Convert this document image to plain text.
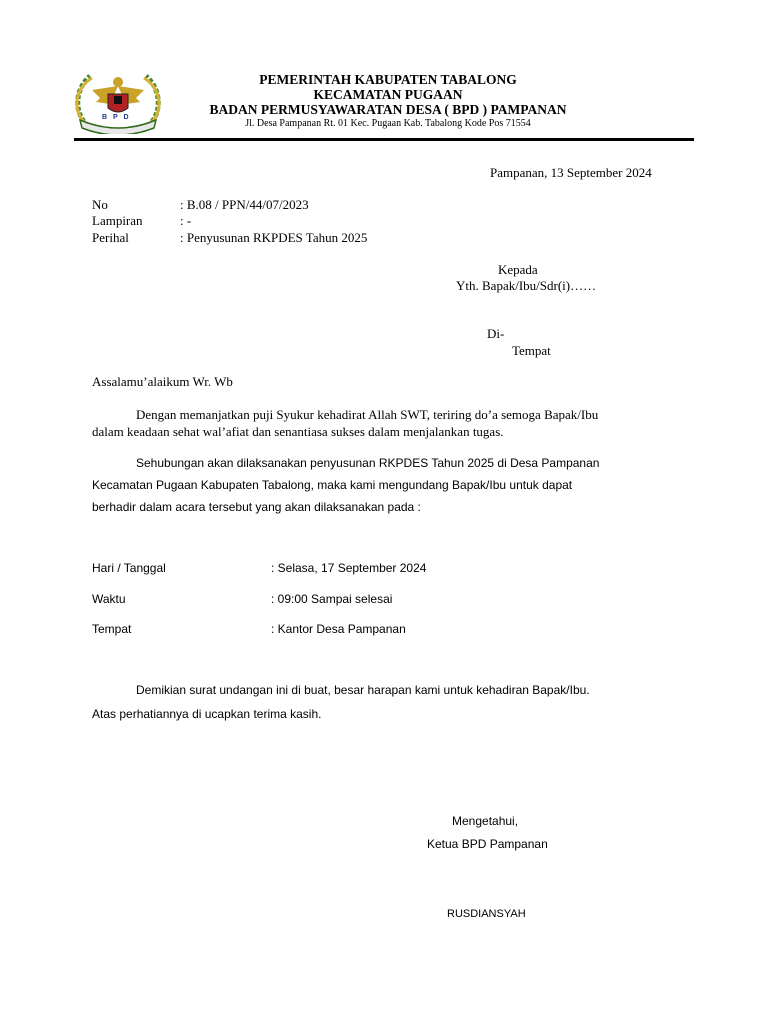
B P D
PEMERINTAH KABUPATEN TABALONG
KECAMATAN PUGAAN
BADAN PERMUSYAWARATAN DESA ( BPD ) PAMPANAN
Jl. Desa Pampanan Rt. 01 Kec. Pugaan Kab. Tabalong Kode Pos 71554
Pampanan, 13 September 2024
No	: B.08 / PPN/44/07/2023
Lampiran	: -
Perihal	: Penyusunan RKPDES Tahun 2025
Kepada
Yth. Bapak/Ibu/Sdr(i)……
Di-
Tempat
Assalamu’alaikum Wr. Wb
Dengan memanjatkan puji Syukur kehadirat Allah SWT, teriring do’a semoga Bapak/Ibu
dalam keadaan sehat wal’afiat dan senantiasa sukses dalam menjalankan tugas.
Sehubungan akan dilaksanakan penyusunan RKPDES Tahun 2025 di Desa Pampanan
Kecamatan Pugaan Kabupaten Tabalong, maka kami mengundang Bapak/Ibu untuk dapat
berhadir dalam acara tersebut yang akan dilaksanakan pada :
Hari / Tanggal	: Selasa, 17 September 2024
Waktu	: 09:00 Sampai selesai
Tempat	: Kantor Desa Pampanan
Demikian surat undangan ini di buat, besar harapan kami untuk kehadiran Bapak/Ibu.
Atas perhatiannya di ucapkan terima kasih.
Mengetahui,
Ketua BPD Pampanan
RUSDIANSYAH
